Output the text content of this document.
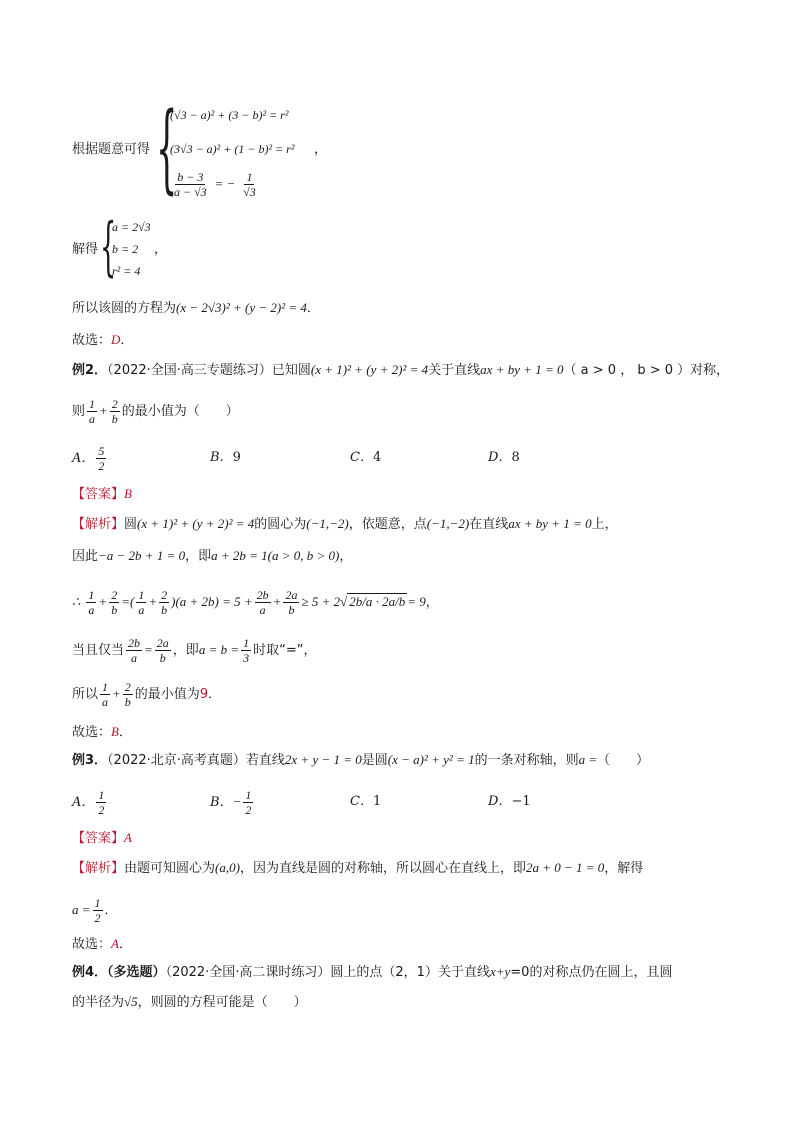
根据题意可得 {
(√3 − a)² + (3 − b)² = r²
(3√3 − a)² + (1 − b)² = r²
$\frac{b - 3}{a - √3}$ = − $\frac{1}{√3}$
，
解得 {
a = 2√3
b = 2
r² = 4
，
所以该圆的方程为(x − 2√3)² + (y − 2)² = 4．
故选：D．
例2．（2022·全国·高三专题练习）已知圆(x + 1)² + (y + 2)² = 4关于直线ax + by + 1 = 0（ a > 0 ， b > 0 ）对称，
则 $\frac{1}{a} + \frac{2}{b}$ 的最小值为（　　）
A． $\frac{5}{2}$	B．9	C．4	D．8
【答案】B
【解析】圆(x + 1)² + (y + 2)² = 4的圆心为(−1,−2)，依题意，点(−1,−2)在直线ax + by + 1 = 0上，
因此−a − 2b + 1 = 0，即a + 2b = 1(a > 0, b > 0)，
∴ $\frac{1}{a} + \frac{2}{b}$ =( $\frac{1}{a} + \frac{2}{b} )(a + 2b) = 5 + \frac{2b}{a} + \frac{2a}{b} \ge 5 + 2√$ 2b/a · 2a/b = 9，
当且仅当 $\frac{2b}{a} = \frac{2a}{b}$ ，即$a = b = \frac{1}{3}$ 时取“=”，
所以 $\frac{1}{a} + \frac{2}{b}$ 的最小值为9．
故选：B．
例3．（2022·北京·高考真题）若直线2x + y − 1 = 0是圆(x − a)² + y² = 1的一条对称轴，则a =（　　）
A． $\frac{1}{2}$	B．− $\frac{1}{2}$	C．1	D．−1
【答案】A
【解析】由题可知圆心为(a,0)，因为直线是圆的对称轴，所以圆心在直线上，即2a + 0 − 1 = 0，解得
$a = \frac{1}{2}$ ．
故选：A．
例4．（多选题）（2022·全国·高二课时练习）圆上的点（2，1）关于直线x+y=0的对称点仍在圆上，且圆
的半径为√5，则圆的方程可能是（　　）
